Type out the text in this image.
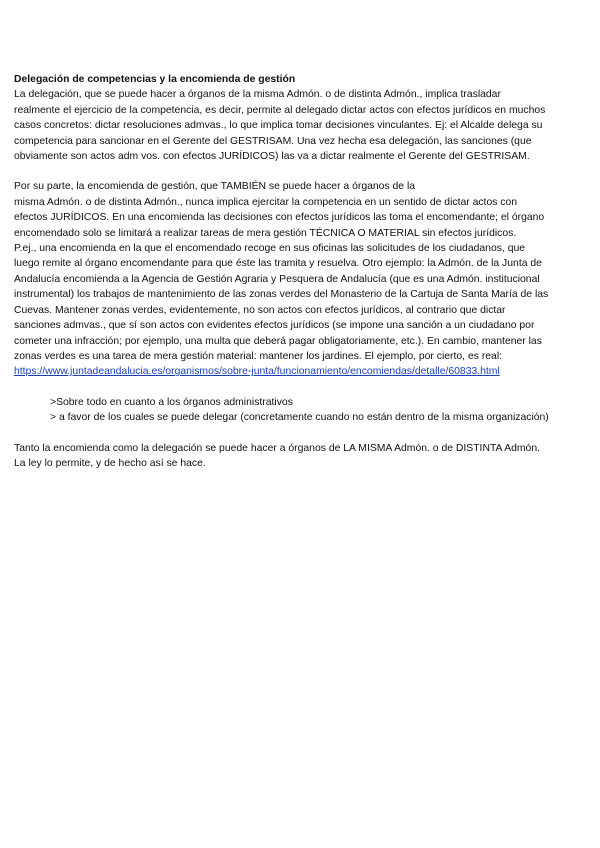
Delegación de competencias y la encomienda de gestión
La delegación, que se puede hacer a órganos de la misma Admón. o de distinta Admón., implica trasladar
realmente el ejercicio de la competencia, es decir, permite al delegado dictar actos con efectos jurídicos en muchos
casos concretos: dictar resoluciones admvas., lo que implica tomar decisiones vinculantes. Ej: el Alcalde delega su
competencia para sancionar en el Gerente del GESTRISAM. Una vez hecha esa delegación, las sanciones (que
obviamente son actos adm vos. con efectos JURÍDICOS) las va a dictar realmente el Gerente del GESTRISAM.
Por su parte, la encomienda de gestión, que TAMBIÉN se puede hacer a órganos de la
misma Admón. o de distinta Admón., nunca implica ejercitar la competencia en un sentido de dictar actos con
efectos JURÍDICOS. En una encomienda las decisiones con efectos jurídicos las toma el encomendante; el órgano
encomendado solo se limitará a realizar tareas de mera gestión TÉCNICA O MATERIAL sin efectos jurídicos.
P.ej., una encomienda en la que el encomendado recoge en sus oficinas las solicitudes de los ciudadanos, que
luego remite al órgano encomendante para que éste las tramita y resuelva. Otro ejemplo: la Admón. de la Junta de
Andalucía encomienda a la Agencia de Gestión Agraria y Pesquera de Andalucía (que es una Admón. institucional
instrumental) los trabajos de mantenimiento de las zonas verdes del Monasterio de la Cartuja de Santa María de las
Cuevas. Mantener zonas verdes, evidentemente, no son actos con efectos jurídicos, al contrario que dictar
sanciones admvas., que sí son actos con evidentes efectos jurídicos (se impone una sanción a un ciudadano por
cometer una infracción; por ejemplo, una multa que deberá pagar obligatoriamente, etc.). En cambio, mantener las
zonas verdes es una tarea de mera gestión material: mantener los jardines. El ejemplo, por cierto, es real:
https://www.juntadeandalucia.es/organismos/sobre-junta/funcionamiento/encomiendas/detalle/60833.html
>Sobre todo en cuanto a los órganos administrativos
> a favor de los cuales se puede delegar (concretamente cuando no están dentro de la misma organización)
Tanto la encomienda como la delegación se puede hacer a órganos de LA MISMA Admón. o de DISTINTA Admón.
La ley lo permite, y de hecho así se hace.
